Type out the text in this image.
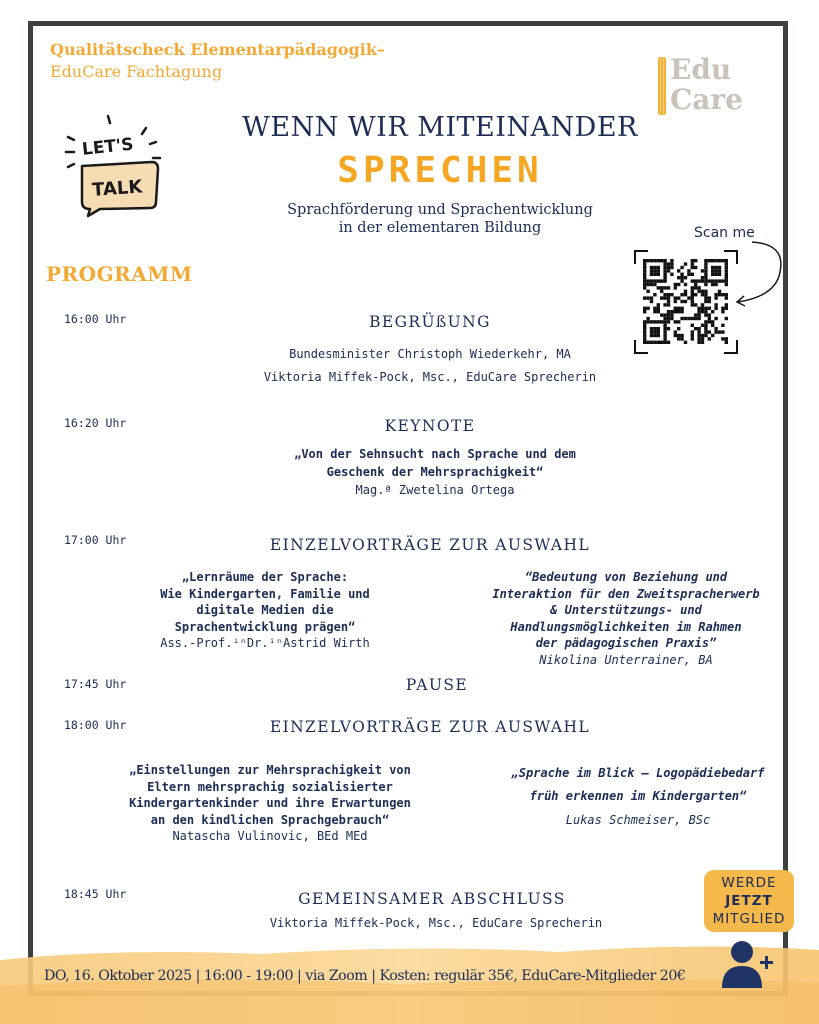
Qualitätscheck Elementarpädagogik–
EduCare Fachtagung	Edu
Care
LET'S
TALK
WENN WIR MITEINANDER
SPRECHEN
Sprachförderung und Sprachentwicklung
in der elementaren Bildung	Scan me
PROGRAMM
16:00 Uhr	BEGRÜßUNG
Bundesminister Christoph Wiederkehr, MA
Viktoria Miffek-Pock, Msc., EduCare Sprecherin
16:20 Uhr	KEYNOTE
„Von der Sehnsucht nach Sprache und dem
Geschenk der Mehrsprachigkeit“
Mag.ª Zwetelina Ortega
17:00 Uhr	EINZELVORTRÄGE ZUR AUSWAHL
„Lernräume der Sprache:
Wie Kindergarten, Familie und
digitale Medien die
Sprachentwicklung prägen“
Ass.-Prof.ⁱⁿDr.ⁱⁿAstrid Wirth
“Bedeutung von Beziehung und
Interaktion für den Zweitspracherwerb
& Unterstützungs- und
Handlungsmöglichkeiten im Rahmen
der pädagogischen Praxis”
Nikolina Unterrainer, BA
17:45 Uhr	PAUSE
18:00 Uhr	EINZELVORTRÄGE ZUR AUSWAHL
„Einstellungen zur Mehrsprachigkeit von
Eltern mehrsprachig sozialisierter
Kindergartenkinder und ihre Erwartungen
an den kindlichen Sprachgebrauch“
Natascha Vulinovic, BEd MEd
„Sprache im Blick – Logopädiebedarf
früh erkennen im Kindergarten“
Lukas Schmeiser, BSc
18:45 Uhr	GEMEINSAMER ABSCHLUSS
Viktoria Miffek-Pock, Msc., EduCare Sprecherin
WERDE
JETZT
MITGLIED
DO, 16. Oktober 2025 | 16:00 - 19:00 | via Zoom | Kosten: regulär 35€, EduCare-Mitglieder 20€
